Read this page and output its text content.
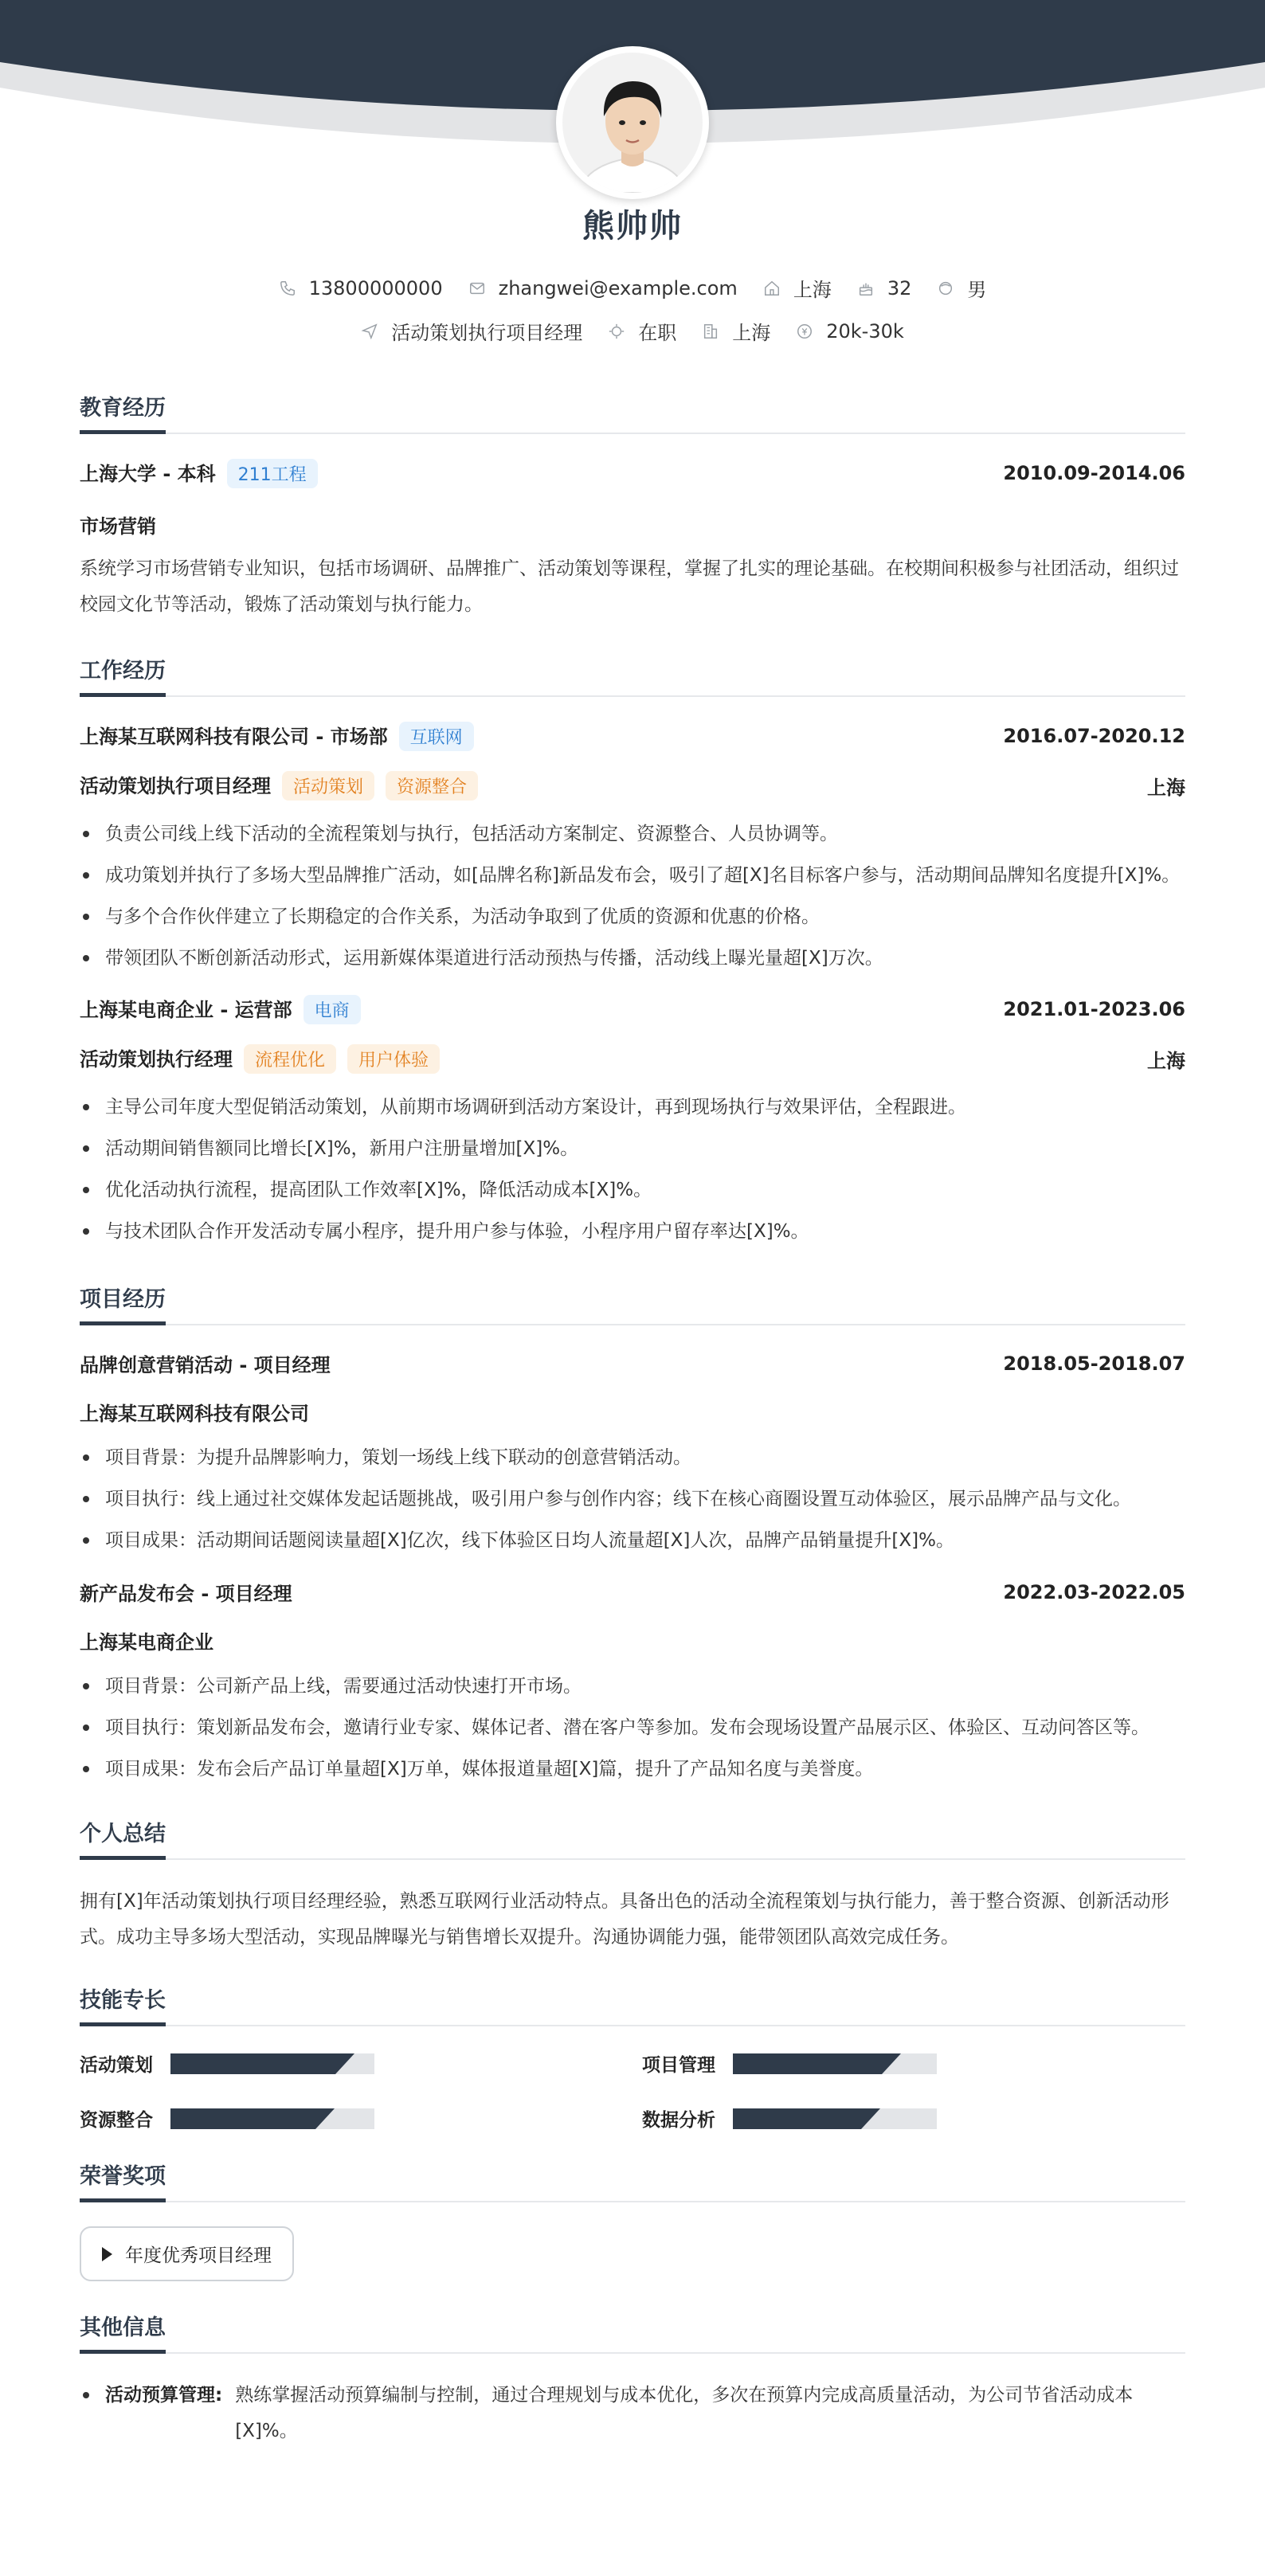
熊帅帅
13800000000	zhangwei@example.com	上海	32	男
活动策划执行项目经理	在职	上海	20k-30k
教育经历
上海大学 - 本科 211工程	2010.09-2014.06
市场营销
系统学习市场营销专业知识，包括市场调研、品牌推广、活动策划等课程，掌握了扎实的理论基础。在校期间积极参与社团活动，组织过校园文化节等活动，锻炼了活动策划与执行能力。
工作经历
上海某互联网科技有限公司 - 市场部 互联网	2016.07-2020.12
活动策划执行项目经理 活动策划 资源整合	上海
负责公司线上线下活动的全流程策划与执行，包括活动方案制定、资源整合、人员协调等。
成功策划并执行了多场大型品牌推广活动，如[品牌名称]新品发布会，吸引了超[X]名目标客户参与，活动期间品牌知名度提升[X]%。
与多个合作伙伴建立了长期稳定的合作关系，为活动争取到了优质的资源和优惠的价格。
带领团队不断创新活动形式，运用新媒体渠道进行活动预热与传播，活动线上曝光量超[X]万次。
上海某电商企业 - 运营部 电商	2021.01-2023.06
活动策划执行经理 流程优化 用户体验	上海
主导公司年度大型促销活动策划，从前期市场调研到活动方案设计，再到现场执行与效果评估，全程跟进。
活动期间销售额同比增长[X]%，新用户注册量增加[X]%。
优化活动执行流程，提高团队工作效率[X]%，降低活动成本[X]%。
与技术团队合作开发活动专属小程序，提升用户参与体验，小程序用户留存率达[X]%。
项目经历
品牌创意营销活动 - 项目经理	2018.05-2018.07
上海某互联网科技有限公司
项目背景：为提升品牌影响力，策划一场线上线下联动的创意营销活动。
项目执行：线上通过社交媒体发起话题挑战，吸引用户参与创作内容；线下在核心商圈设置互动体验区，展示品牌产品与文化。
项目成果：活动期间话题阅读量超[X]亿次，线下体验区日均人流量超[X]人次，品牌产品销量提升[X]%。
新产品发布会 - 项目经理	2022.03-2022.05
上海某电商企业
项目背景：公司新产品上线，需要通过活动快速打开市场。
项目执行：策划新品发布会，邀请行业专家、媒体记者、潜在客户等参加。发布会现场设置产品展示区、体验区、互动问答区等。
项目成果：发布会后产品订单量超[X]万单，媒体报道量超[X]篇，提升了产品知名度与美誉度。
个人总结
拥有[X]年活动策划执行项目经理经验，熟悉互联网行业活动特点。具备出色的活动全流程策划与执行能力，善于整合资源、创新活动形式。成功主导多场大型活动，实现品牌曝光与销售增长双提升。沟通协调能力强，能带领团队高效完成任务。
技能专长
活动策划	项目管理
资源整合	数据分析
荣誉奖项
年度优秀项目经理
其他信息
活动预算管理: 熟练掌握活动预算编制与控制，通过合理规划与成本优化，多次在预算内完成高质量活动，为公司节省活动成本[X]%。
